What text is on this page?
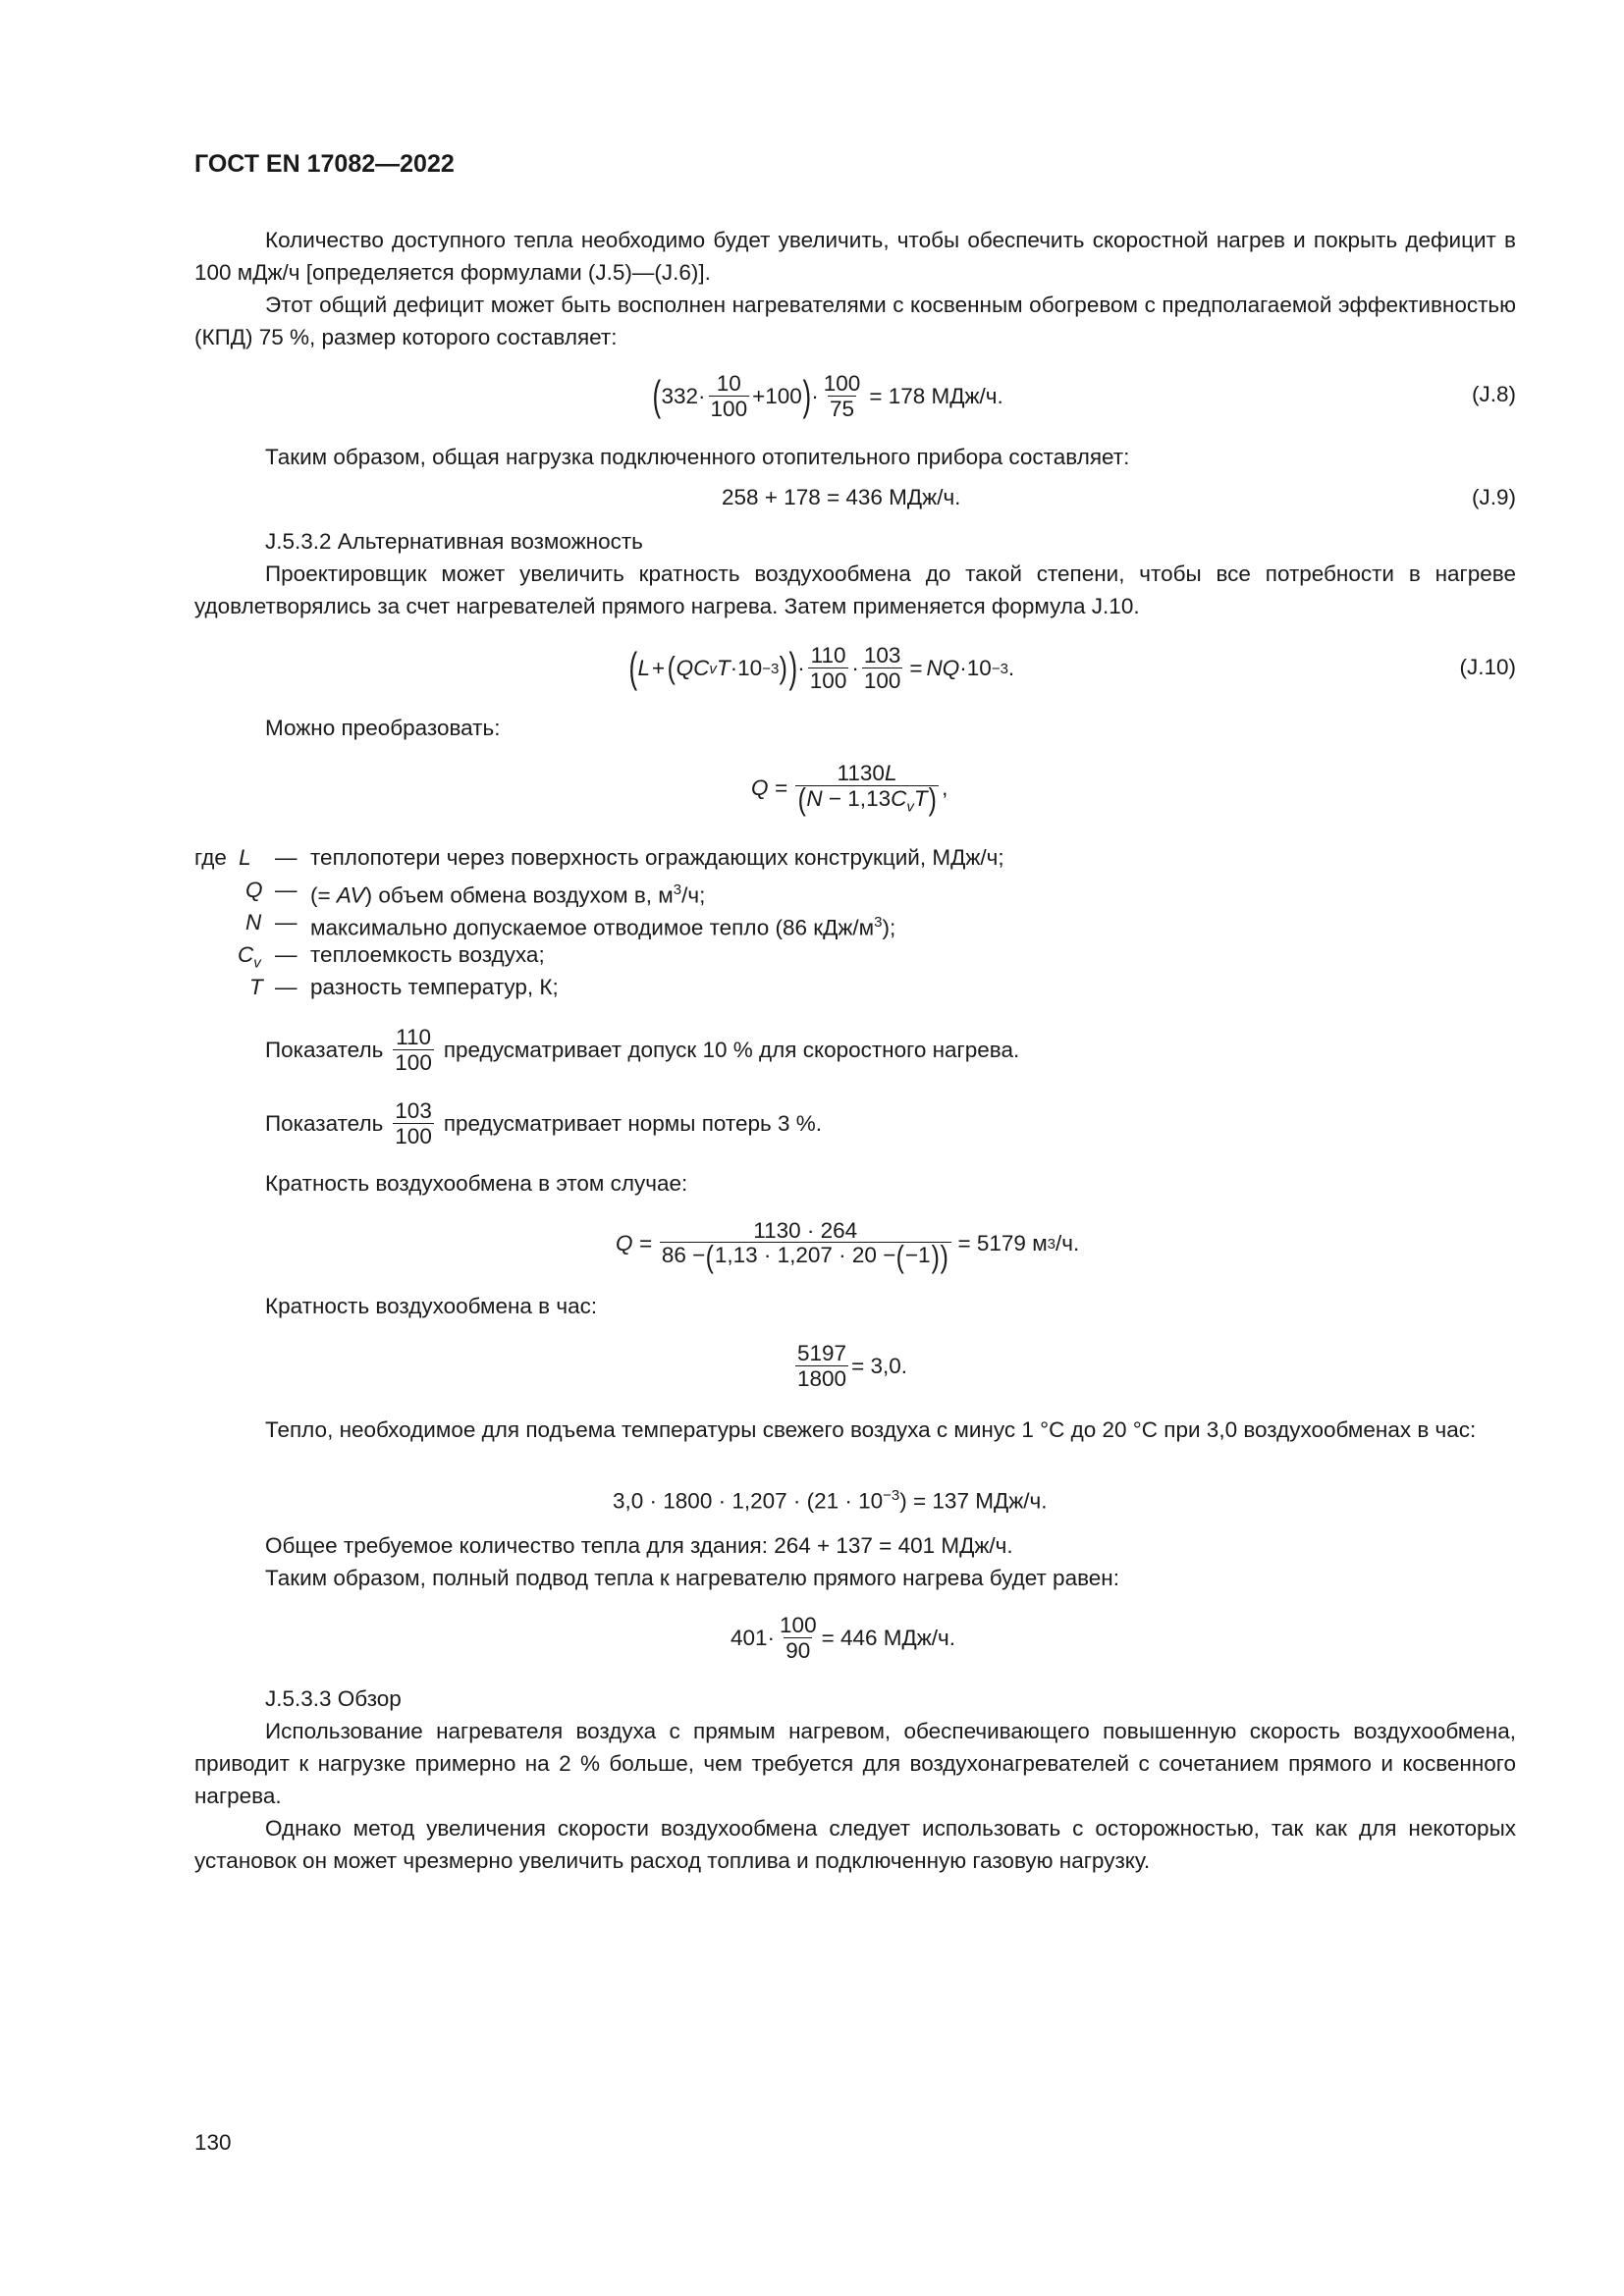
ГОСТ EN 17082—2022
Количество доступного тепла необходимо будет увеличить, чтобы обеспечить скоростной нагрев и покрыть дефицит в 100 мДж/ч [определяется формулами (J.5)—(J.6)].
Этот общий дефицит может быть восполнен нагревателями с косвенным обогревом с предполагаемой эффективностью (КПД) 75 %, размер которого составляет:
( $332\cdot \frac{10}{100} +100$ ) · $\frac{100}{75} = 178$ МДж/ч.	(J.8)
Таким образом, общая нагрузка подключенного отопительного прибора составляет:
258 + 178 = 436 МДж/ч.	(J.9)
J.5.3.2 Альтернативная возможность
Проектировщик может увеличить кратность воздухообмена до такой степени, чтобы все потребности в нагреве удовлетворялись за счет нагревателей прямого нагрева. Затем применяется формула J.10.
( L + ( QC v T ·10 −3 ) ) · $\frac{110}{100} \cdot \frac{103}{100}$ = NQ ·10 −3 .	(J.10)
Можно преобразовать:
$Q = \frac{1130L}{(N - 1,13C_vT)}$ ,
где L — теплопотери через поверхность ограждающих конструкций, МДж/ч;
Q — (= AV) объем обмена воздухом в, $м^3/ч$;
N — максимально допускаемое отводимое тепло (86 кДж/$м^3$);
$C_v$ — теплоемкость воздуха;
T — разность температур, К;
Показатель $\frac{110}{100}$ предусматривает допуск 10 % для скоростного нагрева.
Показатель $\frac{103}{100}$ предусматривает нормы потерь 3 %.
Кратность воздухообмена в этом случае:
$Q = \frac{1130 \cdot 264}{86 -(1,13 \cdot 1,207 \cdot 20 -(-1))} = 5179$ м 3 /ч.
Кратность воздухообмена в час:
$\frac{5197}{1800} = 3,0$.
Тепло, необходимое для подъема температуры свежего воздуха с минус 1 °С до 20 °С при 3,0 воздухообменах в час:
$3,0 \cdot 1800 \cdot 1,207 \cdot (21 \cdot 10^{-3}) = 137$ МДж/ч.
Общее требуемое количество тепла для здания: 264 + 137 = 401 МДж/ч.
Таким образом, полный подвод тепла к нагревателю прямого нагрева будет равен:
$401\cdot \frac{100}{90} = 446$ МДж/ч.
J.5.3.3 Обзор
Использование нагревателя воздуха с прямым нагревом, обеспечивающего повышенную скорость воздухообмена, приводит к нагрузке примерно на 2 % больше, чем требуется для воздухонагревателей с сочетанием прямого и косвенного нагрева.
Однако метод увеличения скорости воздухообмена следует использовать с осторожностью, так как для некоторых установок он может чрезмерно увеличить расход топлива и подключенную газовую нагрузку.
130
